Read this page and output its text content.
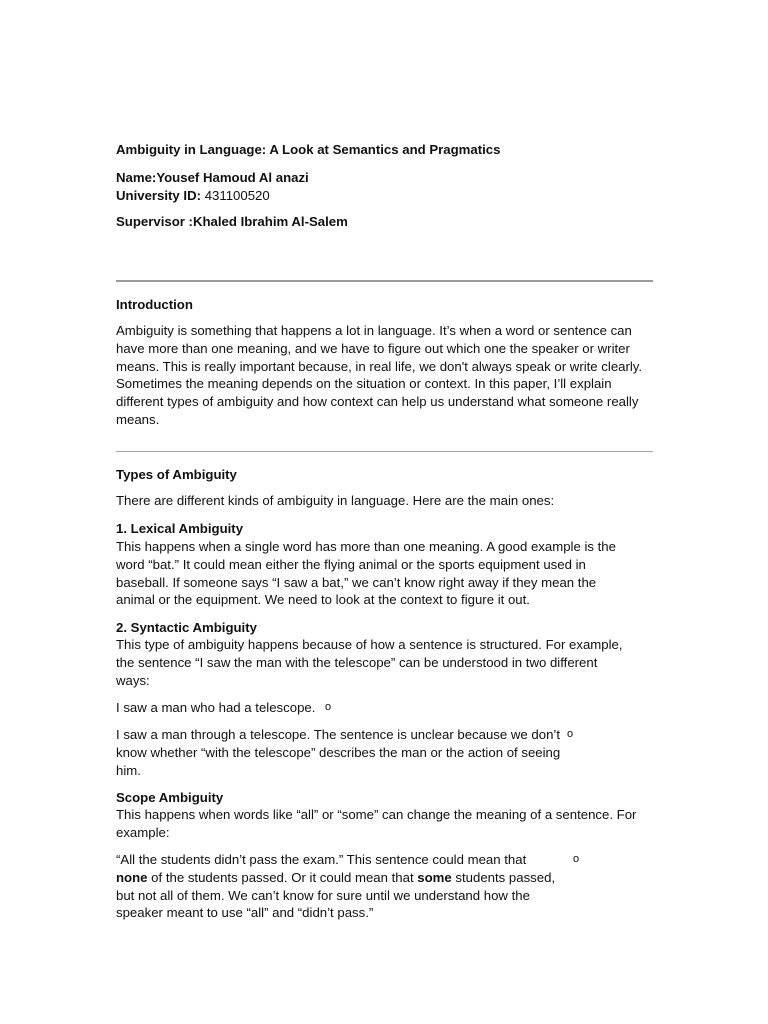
Ambiguity in Language: A Look at Semantics and Pragmatics

Name:Yousef Hamoud Al anazi

University ID: 431100520

Supervisor :Khaled Ibrahim Al-Salem

Introduction

Ambiguity is something that happens a lot in language. It’s when a word or sentence can have more than one meaning, and we have to figure out which one the speaker or writer means. This is really important because, in real life, we don't always speak or write clearly. Sometimes the meaning depends on the situation or context. In this paper, I’ll explain different types of ambiguity and how context can help us understand what someone really means.

Types of Ambiguity

There are different kinds of ambiguity in language. Here are the main ones:

1. Lexical Ambiguity

This happens when a single word has more than one meaning. A good example is the word “bat.” It could mean either the flying animal or the sports equipment used in baseball. If someone says “I saw a bat,” we can’t know right away if they mean the animal or the equipment. We need to look at the context to figure it out.

2. Syntactic Ambiguity

This type of ambiguity happens because of how a sentence is structured. For example, the sentence “I saw the man with the telescope” can be understood in two different ways:

I saw a man who had a telescope. o
I saw a man through a telescope. The sentence is unclear because we don’t know whether “with the telescope” describes the man or the action of seeing him.
o

Scope Ambiguity

This happens when words like “all” or “some” can change the meaning of a sentence. For example:

“All the students didn’t pass the exam.” This sentence could mean that none of the students passed. Or it could mean that some students passed, but not all of them. We can’t know for sure until we understand how the speaker meant to use “all” and “didn’t pass.”
o
